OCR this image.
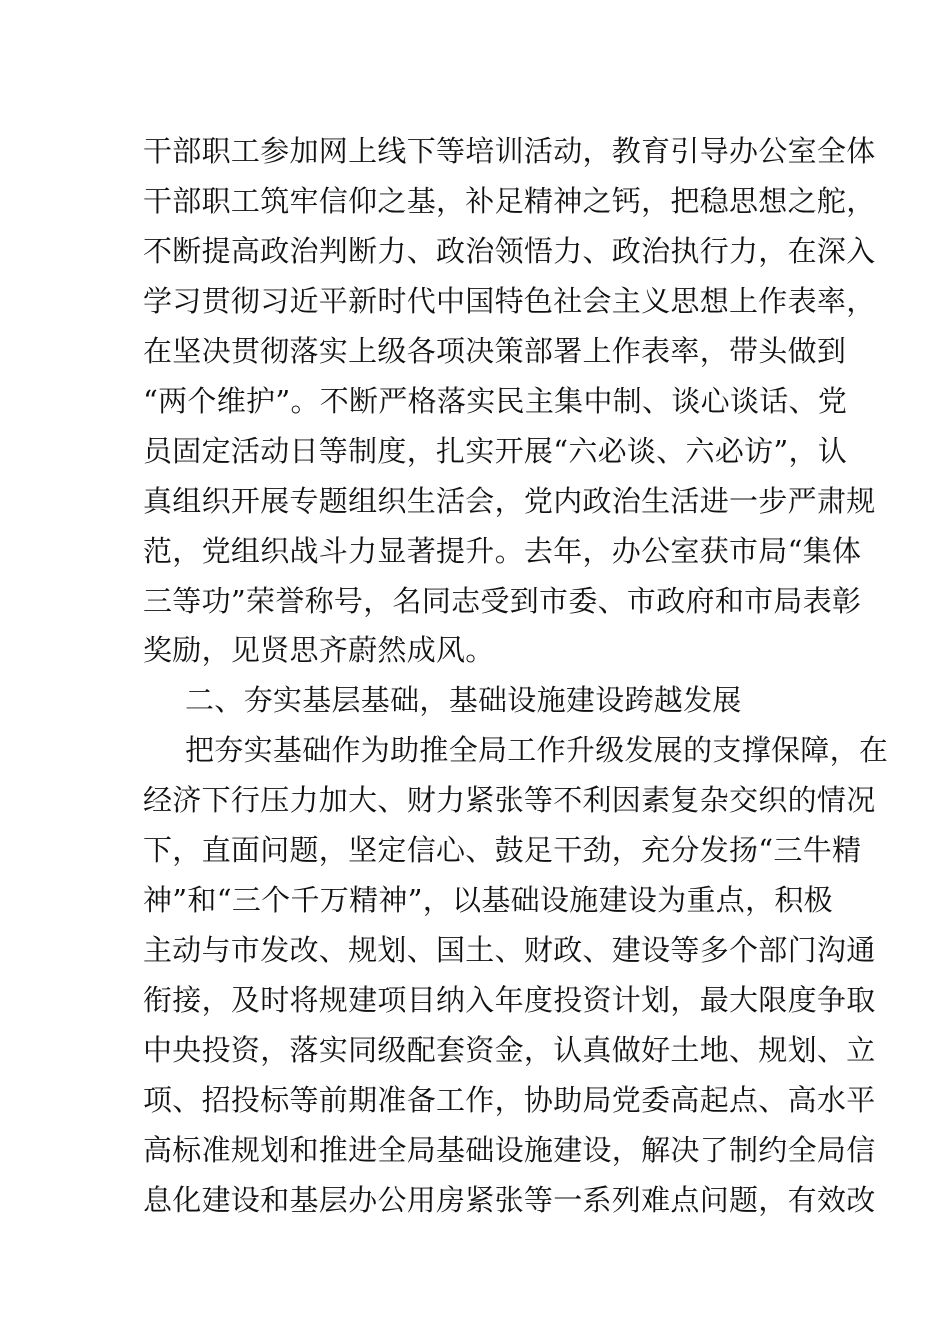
干部职工参加网上线下等培训活动，教育引导办公室全体
干部职工筑牢信仰之基，补足精神之钙，把稳思想之舵，
不断提高政治判断力、政治领悟力、政治执行力，在深入
学习贯彻习近平新时代中国特色社会主义思想上作表率，
在坚决贯彻落实上级各项决策部署上作表率，带头做到
“两个维护”。不断严格落实民主集中制、谈心谈话、党
员固定活动日等制度，扎实开展“六必谈、六必访”，认
真组织开展专题组织生活会，党内政治生活进一步严肃规
范，党组织战斗力显著提升。去年，办公室获市局“集体
三等功”荣誉称号，名同志受到市委、市政府和市局表彰
奖励，见贤思齐蔚然成风。
二、夯实基层基础，基础设施建设跨越发展
把夯实基础作为助推全局工作升级发展的支撑保障，在
经济下行压力加大、财力紧张等不利因素复杂交织的情况
下，直面问题，坚定信心、鼓足干劲，充分发扬“三牛精
神”和“三个千万精神”，以基础设施建设为重点，积极
主动与市发改、规划、国土、财政、建设等多个部门沟通
衔接，及时将规建项目纳入年度投资计划，最大限度争取
中央投资，落实同级配套资金，认真做好土地、规划、立
项、招投标等前期准备工作，协助局党委高起点、高水平
高标准规划和推进全局基础设施建设，解决了制约全局信
息化建设和基层办公用房紧张等一系列难点问题，有效改
